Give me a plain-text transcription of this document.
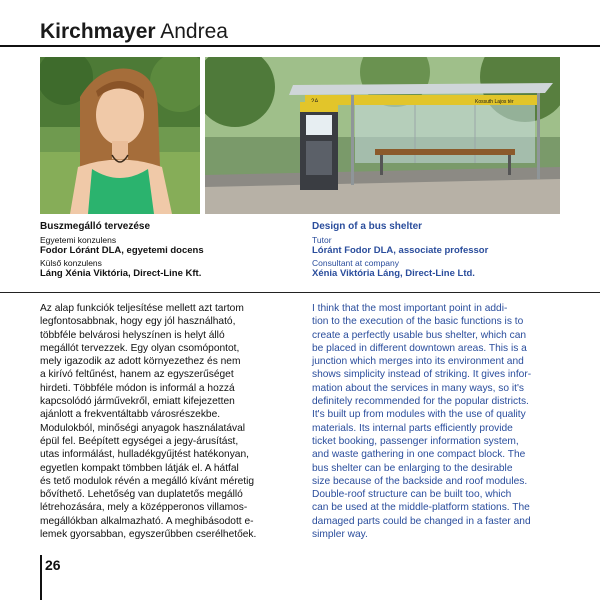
Kirchmayer Andrea
Kossuth Lajos tér
Buszmegálló tervezése
Egyetemi konzulens
Fodor Lóránt DLA, egyetemi docens
Külső konzulens
Láng Xénia Viktória, Direct-Line Kft.
Design of a bus shelter
Tutor
Lóránt Fodor DLA, associate professor
Consultant at company
Xénia Viktória Láng, Direct-Line Ltd.
Az alap funkciók teljesítése mellett azt tartom
legfontosabbnak, hogy egy jól használható,
többféle belvárosi helyszínen is helyt álló
megállót tervezzek. Egy olyan csomópontot,
mely igazodik az adott környezethez és nem
a kirívó feltűnést, hanem az egyszerűséget
hirdeti. Többféle módon is informál a hozzá
kapcsolódó járművekről, emiatt kifejezetten
ajánlott a frekventáltabb városrészekbe.
Modulokból, minőségi anyagok használatával
épül fel. Beépített egységei a jegy-árusítást,
utas informálást, hulladékgyűjtést hatékonyan,
egyetlen kompakt tömbben látják el. A hátfal
és tető modulok révén a megálló kívánt méretig
bővíthető. Lehetőség van duplatetős megálló
létrehozására, mely a középperonos villamos-
megállókban alkalmazható. A meghibásodott e-
lemek gyorsabban, egyszerűbben cserélhetőek.
I think that the most important point in addi-
tion to the execution of the basic functions is to
create a perfectly usable bus shelter, which can
be placed in different downtown areas. This is a
junction which merges into its environment and
shows simplicity instead of striking. It gives infor-
mation about the services in many ways, so it's
definitely recommended for the popular districts.
It's built up from modules with the use of quality
materials. Its internal parts efficiently provide
ticket booking, passenger information system,
and waste gathering in one compact block. The
bus shelter can be enlarging to the desirable
size because of the backside and roof modules.
Double-roof structure can be built too, which
can be used at the middle-platform stations. The
damaged parts could be changed in a faster and
simpler way.
26
